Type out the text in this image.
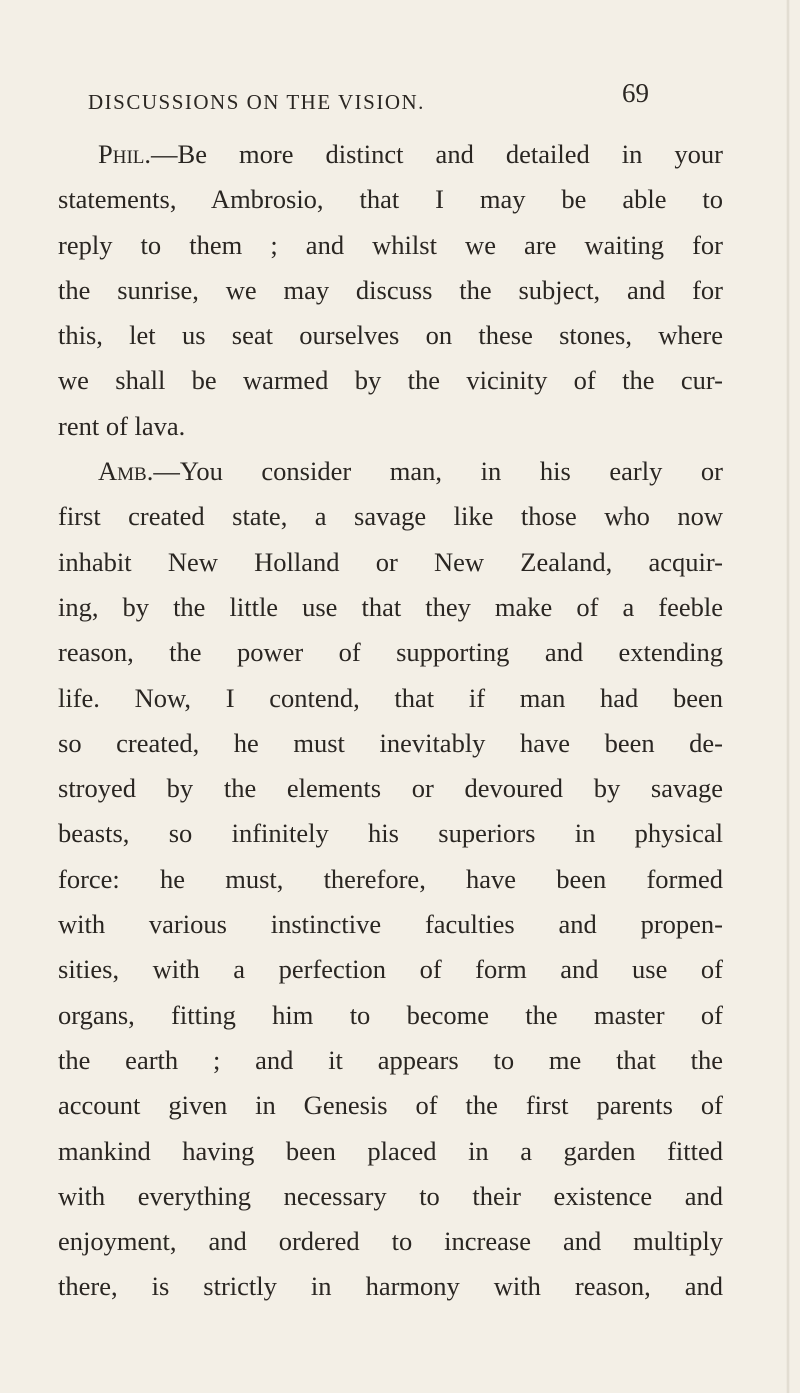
DISCUSSIONS ON THE VISION.	69
Phil.—Be more distinct and detailed in your
statements, Ambrosio, that I may be able to
reply to them ; and whilst we are waiting for
the sunrise, we may discuss the subject, and for
this, let us seat ourselves on these stones, where
we shall be warmed by the vicinity of the cur-
rent of lava.
Amb.—You consider man, in his early or
first created state, a savage like those who now
inhabit New Holland or New Zealand, acquir-
ing, by the little use that they make of a feeble
reason, the power of supporting and extending
life. Now, I contend, that if man had been
so created, he must inevitably have been de-
stroyed by the elements or devoured by savage
beasts, so infinitely his superiors in physical
force: he must, therefore, have been formed
with various instinctive faculties and propen-
sities, with a perfection of form and use of
organs, fitting him to become the master of
the earth ; and it appears to me that the
account given in Genesis of the first parents of
mankind having been placed in a garden fitted
with everything necessary to their existence and
enjoyment, and ordered to increase and multiply
there, is strictly in harmony with reason, and
